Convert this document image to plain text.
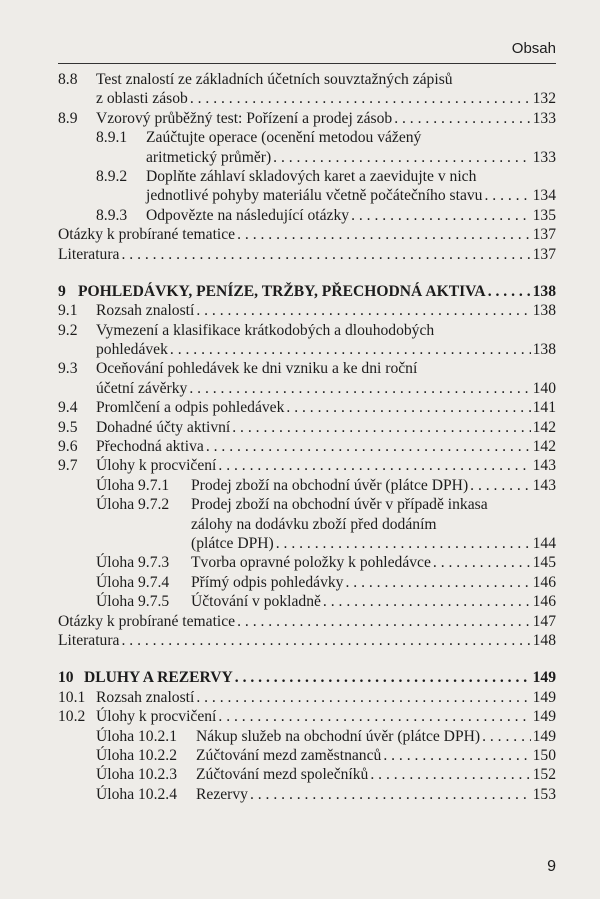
Obsah
8.8 Test znalostí ze základních účetních souvztažných zápisů
z oblasti zásob . . .	132
8.9 Vzorový průběžný test: Pořízení a prodej zásob . . .	133
8.9.1 Zaúčtujte operace (ocenění metodou vážený
aritmetický průměr) . . .	133
8.9.2 Doplňte záhlaví skladových karet a zaevidujte v nich
jednotlivé pohyby materiálu včetně počátečního stavu . . .	134
8.9.3 Odpovězte na následující otázky . . .	135
Otázky k probírané tematice . . .	137
Literatura . . .	137
9 POHLEDÁVKY, PENÍZE, TRŽBY, PŘECHODNÁ AKTIVA . . .	138
9.1 Rozsah znalostí . . .	138
9.2 Vymezení a klasifikace krátkodobých a dlouhodobých
pohledávek . . .	138
9.3 Oceňování pohledávek ke dni vzniku a ke dni roční
účetní závěrky . . .	140
9.4 Promlčení a odpis pohledávek . . .	141
9.5 Dohadné účty aktivní . . .	142
9.6 Přechodná aktiva . . .	142
9.7 Úlohy k procvičení . . .	143
Úloha 9.7.1 Prodej zboží na obchodní úvěr (plátce DPH) . . .	143
Úloha 9.7.2 Prodej zboží na obchodní úvěr v případě inkasa
zálohy na dodávku zboží před dodáním
(plátce DPH) . . .	144
Úloha 9.7.3 Tvorba opravné položky k pohledávce . . .	145
Úloha 9.7.4 Přímý odpis pohledávky . . .	146
Úloha 9.7.5 Účtování v pokladně . . .	146
Otázky k probírané tematice . . .	147
Literatura . . .	148
10 DLUHY A REZERVY . . .	149
10.1 Rozsah znalostí . . .	149
10.2 Úlohy k procvičení . . .	149
Úloha 10.2.1 Nákup služeb na obchodní úvěr (plátce DPH) . . .	149
Úloha 10.2.2 Zúčtování mezd zaměstnanců . . .	150
Úloha 10.2.3 Zúčtování mezd společníků . . .	152
Úloha 10.2.4 Rezervy . . .	153
9
